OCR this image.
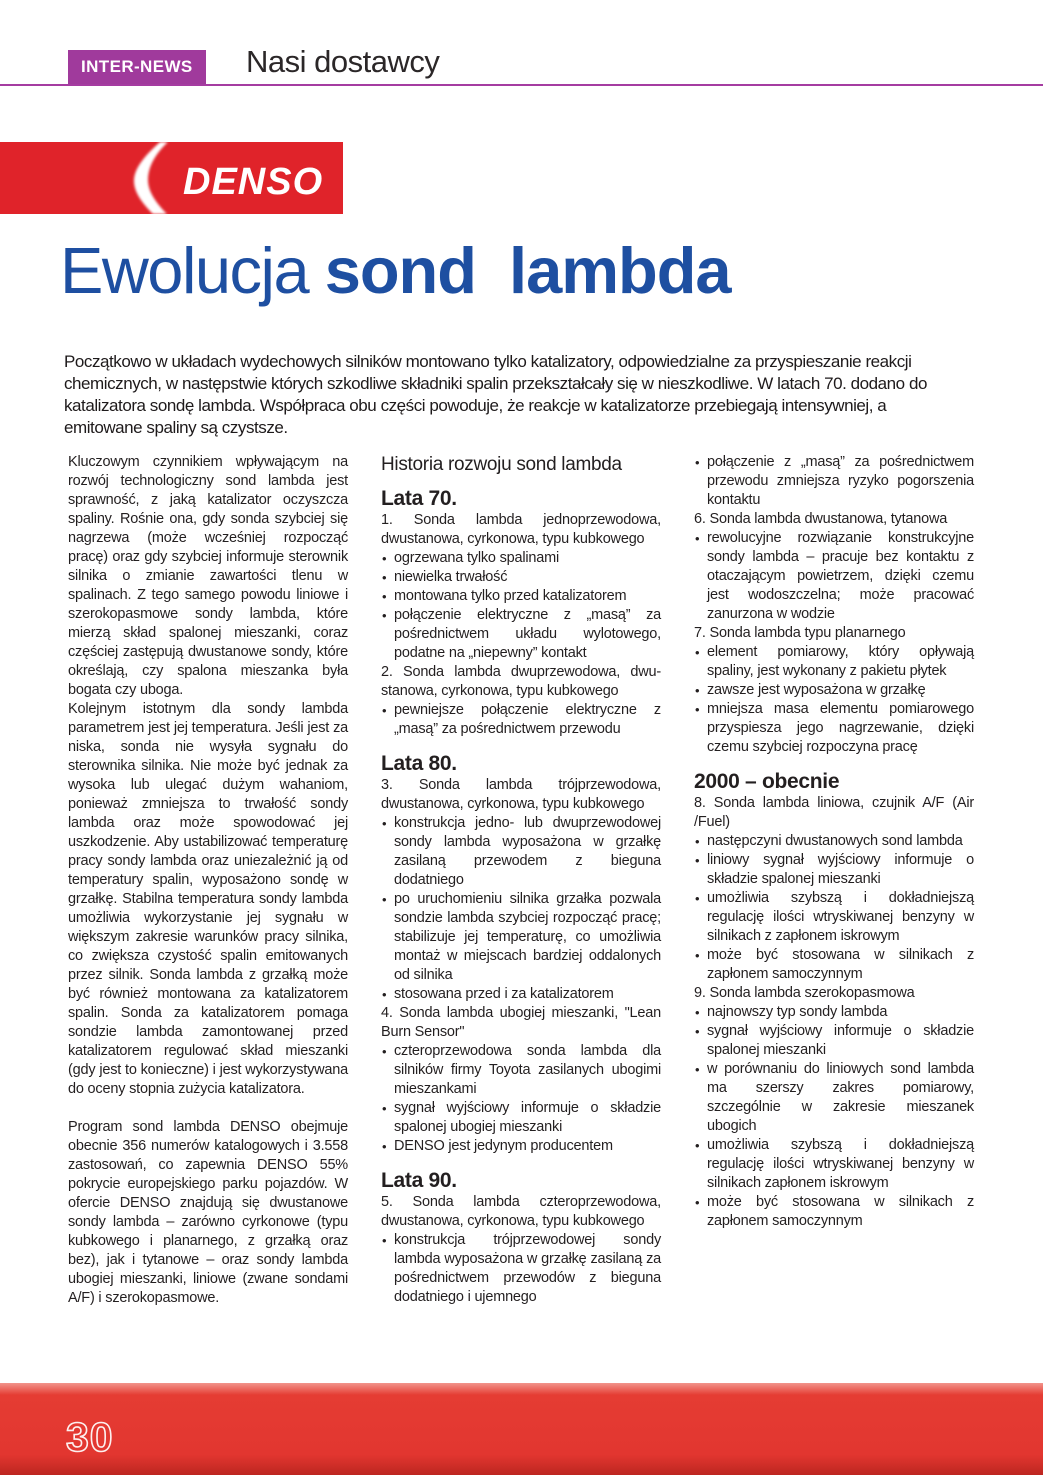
INTER-NEWS	Nasi dostawcy
DENSO
Ewolucja sond lambda

Początkowo w układach wydechowych silników montowano tylko katalizatory, odpowiedzialne za przyspieszanie reakcji chemicznych, w następstwie których szkodliwe składniki spalin przekształcały się w nieszkodliwe. W latach 70. dodano do katalizatora sondę lambda. Współpraca obu części powoduje, że reakcje w katalizatorze przebiegają intensywniej, a emitowane spaliny są czystsze.

Kluczowym czynnikiem wpływającym na rozwój technologiczny sond lambda jest sprawność, z jaką katalizator oczyszcza spaliny. Rośnie ona, gdy sonda szybciej się nagrzewa (może wcześniej rozpocząć pracę) oraz gdy szybciej informuje sterownik silnika o zmianie zawartości tlenu w spalinach. Z tego samego powodu liniowe i szerokopasmowe sondy lambda, które mierzą skład spalonej mieszanki, coraz częściej zastępują dwustanowe sondy, które określają, czy spalona mieszanka była bogata czy uboga.

Kolejnym istotnym dla sondy lambda parametrem jest jej temperatura. Jeśli jest za niska, sonda nie wysyła sygnału do sterownika silnika. Nie może być jednak za wysoka lub ulegać dużym wahaniom, ponieważ zmniejsza to trwałość sondy lambda oraz może spowodować jej uszkodzenie. Aby ustabilizować temperaturę pracy sondy lambda oraz uniezależnić ją od temperatury spalin, wyposażono sondę w grzałkę. Stabilna temperatura sondy lambda umożliwia wykorzystanie jej sygnału w większym zakresie warunków pracy silnika, co zwiększa czystość spalin emitowanych przez silnik. Sonda lambda z grzałką może być również montowana za katalizatorem spalin. Sonda za katalizatorem pomaga sondzie lambda zamontowanej przed katalizatorem regulować skład mieszanki (gdy jest to konieczne) i jest wykorzystywana do oceny stopnia zużycia katalizatora.

Program sond lambda DENSO obejmuje obecnie 356 numerów katalogowych i 3.558 zastosowań, co zapewnia DENSO 55% pokrycie europejskiego parku pojazdów. W ofercie DENSO znajdują się dwustanowe sondy lambda – zarówno cyrkonowe (typu kubkowego i planarnego, z grzałką oraz bez), jak i tytanowe – oraz sondy lambda ubogiej mieszanki, liniowe (zwane sondami A/F) i szerokopasmowe.

Historia rozwoju sond lambda
Lata 70.

1. Sonda lambda jednoprzewodowa, dwustanowa, cyrkonowa, typu kubkowego

• ogrzewana tylko spalinami
• niewielka trwałość
• montowana tylko przed katalizatorem
• połączenie elektryczne z „masą” za pośrednictwem układu wylotowego, podatne na „niepewny” kontakt

2. Sonda lambda dwuprzewodowa, dwu-stanowa, cyrkonowa, typu kubkowego

• pewniejsze połączenie elektryczne z „masą” za pośrednictwem przewodu
Lata 80.

3. Sonda lambda trójprzewodowa, dwustanowa, cyrkonowa, typu kubkowego

• konstrukcja jedno- lub dwuprzewodowej sondy lambda wyposażona w grzałkę zasilaną przewodem z bieguna dodatniego
• po uruchomieniu silnika grzałka pozwala sondzie lambda szybciej rozpocząć pracę; stabilizuje jej temperaturę, co umożliwia montaż w miejscach bardziej oddalonych od silnika
• stosowana przed i za katalizatorem

4. Sonda lambda ubogiej mieszanki, "Lean Burn Sensor"

• czteroprzewodowa sonda lambda dla silników firmy Toyota zasilanych ubogimi mieszankami
• sygnał wyjściowy informuje o składzie spalonej ubogiej mieszanki
• DENSO jest jedynym producentem
Lata 90.

5. Sonda lambda czteroprzewodowa, dwustanowa, cyrkonowa, typu kubkowego

• konstrukcja trójprzewodowej sondy lambda wyposażona w grzałkę zasilaną za pośrednictwem przewodów z bieguna dodatniego i ujemnego
• połączenie z „masą” za pośrednictwem przewodu zmniejsza ryzyko pogorszenia kontaktu

6. Sonda lambda dwustanowa, tytanowa

• rewolucyjne rozwiązanie konstrukcyjne sondy lambda – pracuje bez kontaktu z otaczającym powietrzem, dzięki czemu jest wodoszczelna; może pracować zanurzona w wodzie

7. Sonda lambda typu planarnego

• element pomiarowy, który opływają spaliny, jest wykonany z pakietu płytek
• zawsze jest wyposażona w grzałkę
• mniejsza masa elementu pomiarowego przyspiesza jego nagrzewanie, dzięki czemu szybciej rozpoczyna pracę
2000 – obecnie

8. Sonda lambda liniowa, czujnik A/F (Air /Fuel)

• następczyni dwustanowych sond lambda
• liniowy sygnał wyjściowy informuje o składzie spalonej mieszanki
• umożliwia szybszą i dokładniejszą regulację ilości wtryskiwanej benzyny w silnikach z zapłonem iskrowym
• może być stosowana w silnikach z zapłonem samoczynnym

9. Sonda lambda szerokopasmowa

• najnowszy typ sondy lambda
• sygnał wyjściowy informuje o składzie spalonej mieszanki
• w porównaniu do liniowych sond lambda ma szerszy zakres pomiarowy, szczególnie w zakresie mieszanek ubogich
• umożliwia szybszą i dokładniejszą regulację ilości wtryskiwanej benzyny w silnikach zapłonem iskrowym
• może być stosowana w silnikach z zapłonem samoczynnym
30
